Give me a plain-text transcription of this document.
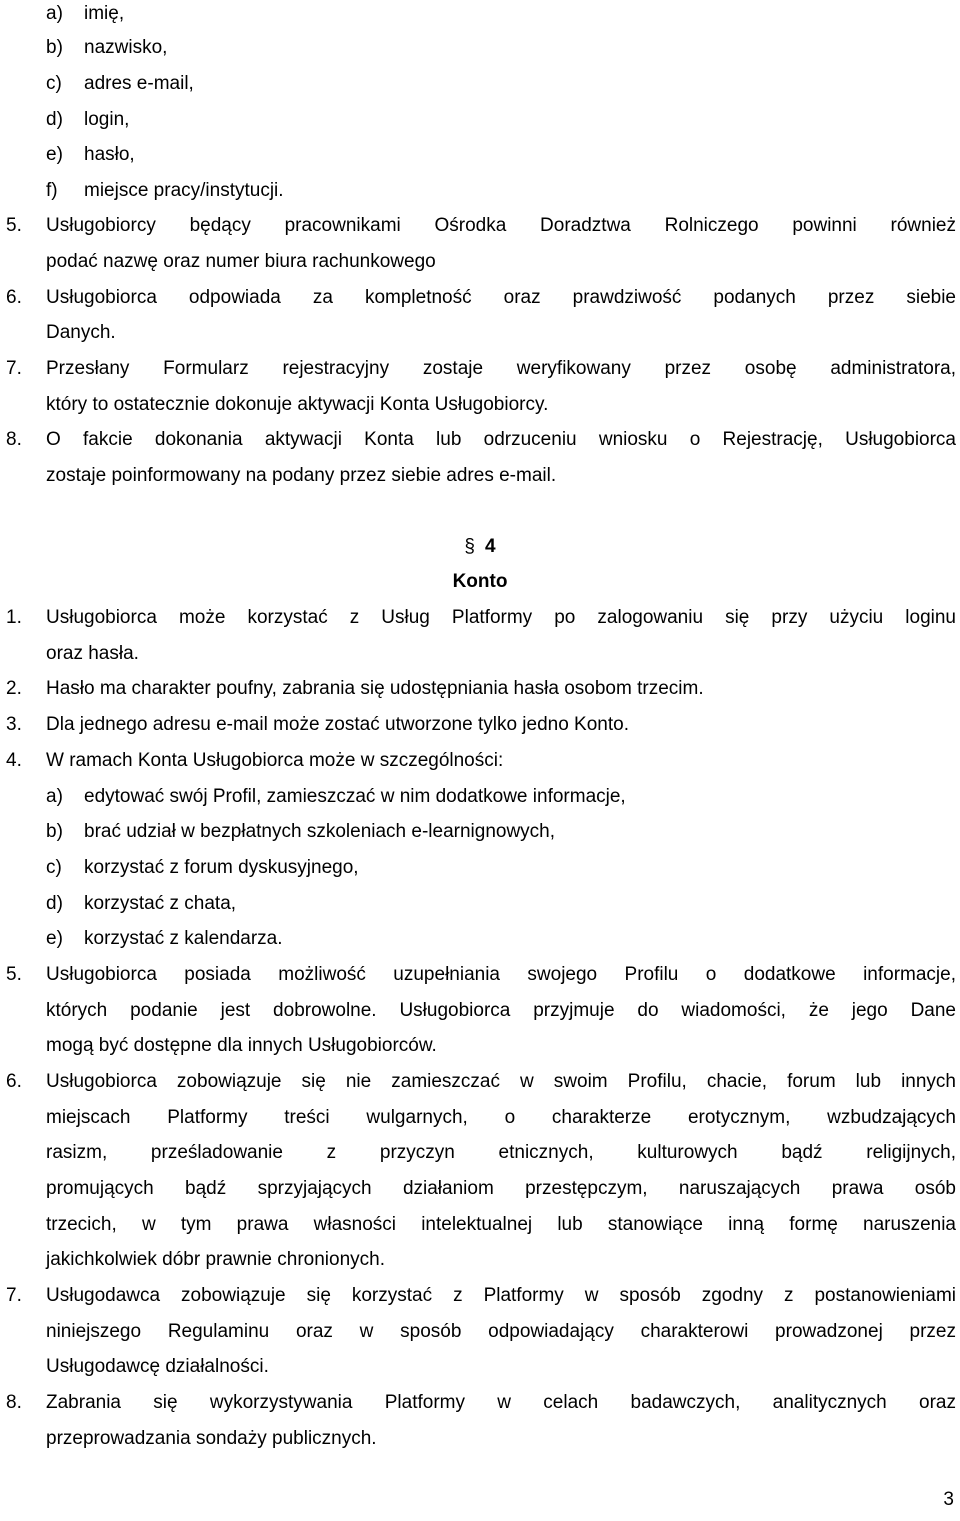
a) imię,
b) nazwisko,
c) adres e-mail,
d) login,
e) hasło,
f) miejsce pracy/instytucji.
5.	Usługobiorcy będący pracownikami Ośrodka Doradztwa Rolniczego powinni również
podać nazwę oraz numer biura rachunkowego
6.	Usługobiorca odpowiada za kompletność oraz prawdziwość podanych przez siebie
Danych.
7.	Przesłany Formularz rejestracyjny zostaje weryfikowany przez osobę administratora,
który to ostatecznie dokonuje aktywacji Konta Usługobiorcy.
8.	O fakcie dokonania aktywacji Konta lub odrzuceniu wniosku o Rejestrację, Usługobiorca
zostaje poinformowany na podany przez siebie adres e-mail.
§ 4
Konto
1.	Usługobiorca może korzystać z Usług Platformy po zalogowaniu się przy użyciu loginu
oraz hasła.
2.	Hasło ma charakter poufny, zabrania się udostępniania hasła osobom trzecim.
3.	Dla jednego adresu e-mail może zostać utworzone tylko jedno Konto.
4.	W ramach Konta Usługobiorca może w szczególności:
a) edytować swój Profil, zamieszczać w nim dodatkowe informacje,
b) brać udział w bezpłatnych szkoleniach e-learnignowych,
c) korzystać z forum dyskusyjnego,
d) korzystać z chata,
e) korzystać z kalendarza.
5.	Usługobiorca posiada możliwość uzupełniania swojego Profilu o dodatkowe informacje,
których podanie jest dobrowolne. Usługobiorca przyjmuje do wiadomości, że jego Dane
mogą być dostępne dla innych Usługobiorców.
6.	Usługobiorca zobowiązuje się nie zamieszczać w swoim Profilu, chacie, forum lub innych
miejscach Platformy treści wulgarnych, o charakterze erotycznym, wzbudzających
rasizm, prześladowanie z przyczyn etnicznych, kulturowych bądź religijnych,
promujących bądź sprzyjających działaniom przestępczym, naruszających prawa osób
trzecich, w tym prawa własności intelektualnej lub stanowiące inną formę naruszenia
jakichkolwiek dóbr prawnie chronionych.
7.	Usługodawca zobowiązuje się korzystać z Platformy w sposób zgodny z postanowieniami
niniejszego Regulaminu oraz w sposób odpowiadający charakterowi prowadzonej przez
Usługodawcę działalności.
8.	Zabrania się wykorzystywania Platformy w celach badawczych, analitycznych oraz
przeprowadzania sondaży publicznych.
3
